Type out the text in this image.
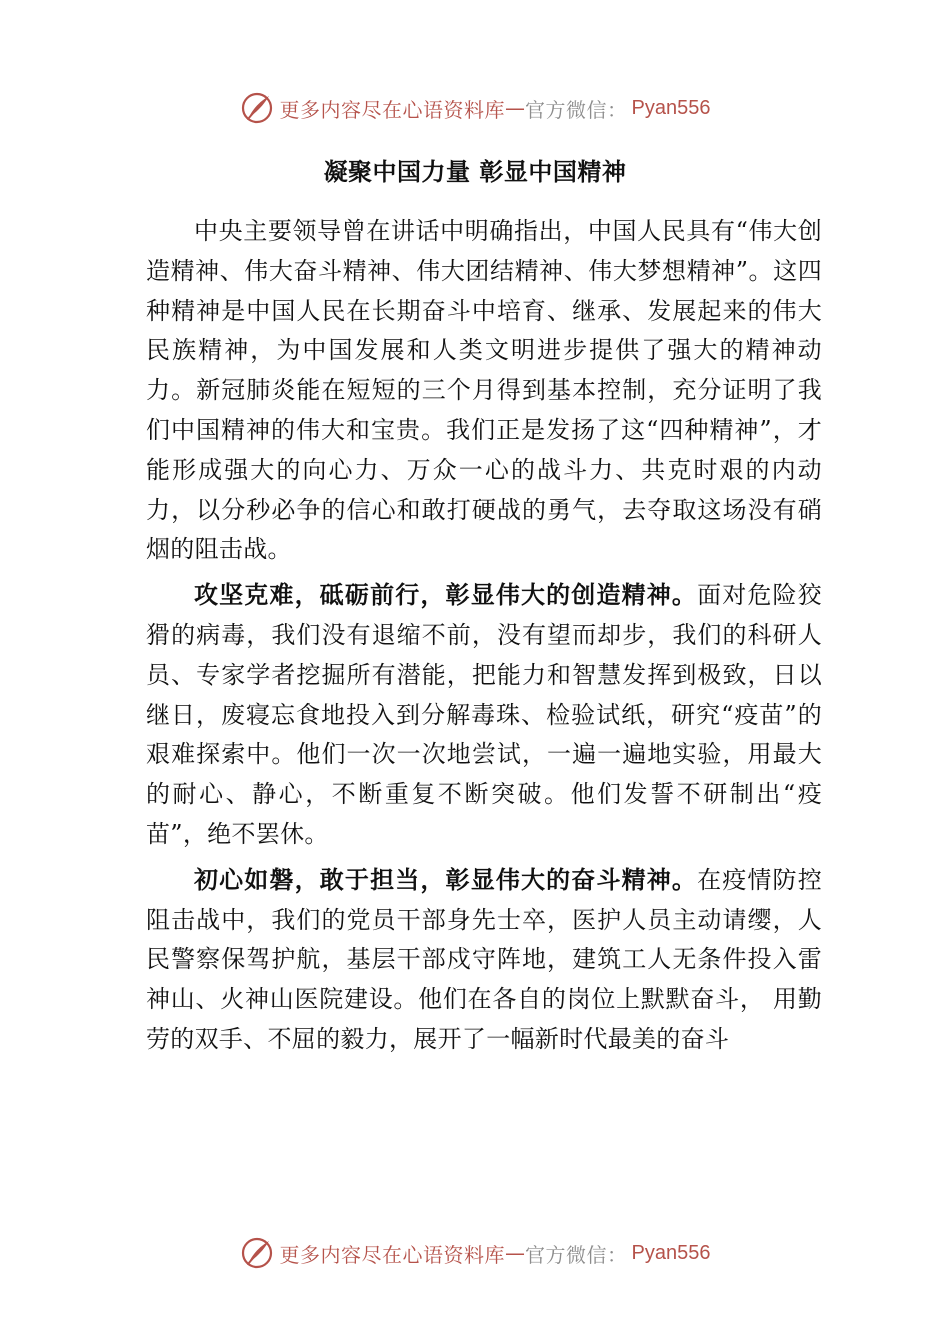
更多内容尽在心语资料库 — 官方微信： Pyan556
凝聚中国力量 彰显中国精神

中央主要领导曾在讲话中明确指出，中国人民具有“伟大创造精神、伟大奋斗精神、伟大团结精神、伟大梦想精神”。这四种精神是中国人民在长期奋斗中培育、继承、发展起来的伟大民族精神，为中国发展和人类文明进步提供了强大的精神动力。新冠肺炎能在短短的三个月得到基本控制，充分证明了我们中国精神的伟大和宝贵。我们正是发扬了这“四种精神”，才能形成强大的向心力、万众一心的战斗力、共克时艰的内动力，以分秒必争的信心和敢打硬战的勇气，去夺取这场没有硝烟的阻击战。

攻坚克难，砥砺前行，彰显伟大的创造精神。面对危险狡猾的病毒，我们没有退缩不前，没有望而却步，我们的科研人员、专家学者挖掘所有潜能，把能力和智慧发挥到极致，日以继日，废寝忘食地投入到分解毒珠、检验试纸，研究“疫苗”的艰难探索中。他们一次一次地尝试，一遍一遍地实验，用最大的耐心、静心，不断重复不断突破。他们发誓不研制出“疫苗”，绝不罢休。

初心如磐，敢于担当，彰显伟大的奋斗精神。在疫情防控阻击战中，我们的党员干部身先士卒，医护人员主动请缨，人民警察保驾护航，基层干部戍守阵地，建筑工人无条件投入雷神山、火神山医院建设。他们在各自的岗位上默默奋斗， 用勤劳的双手、不屈的毅力，展开了一幅新时代最美的奋斗

更多内容尽在心语资料库 — 官方微信： Pyan556
